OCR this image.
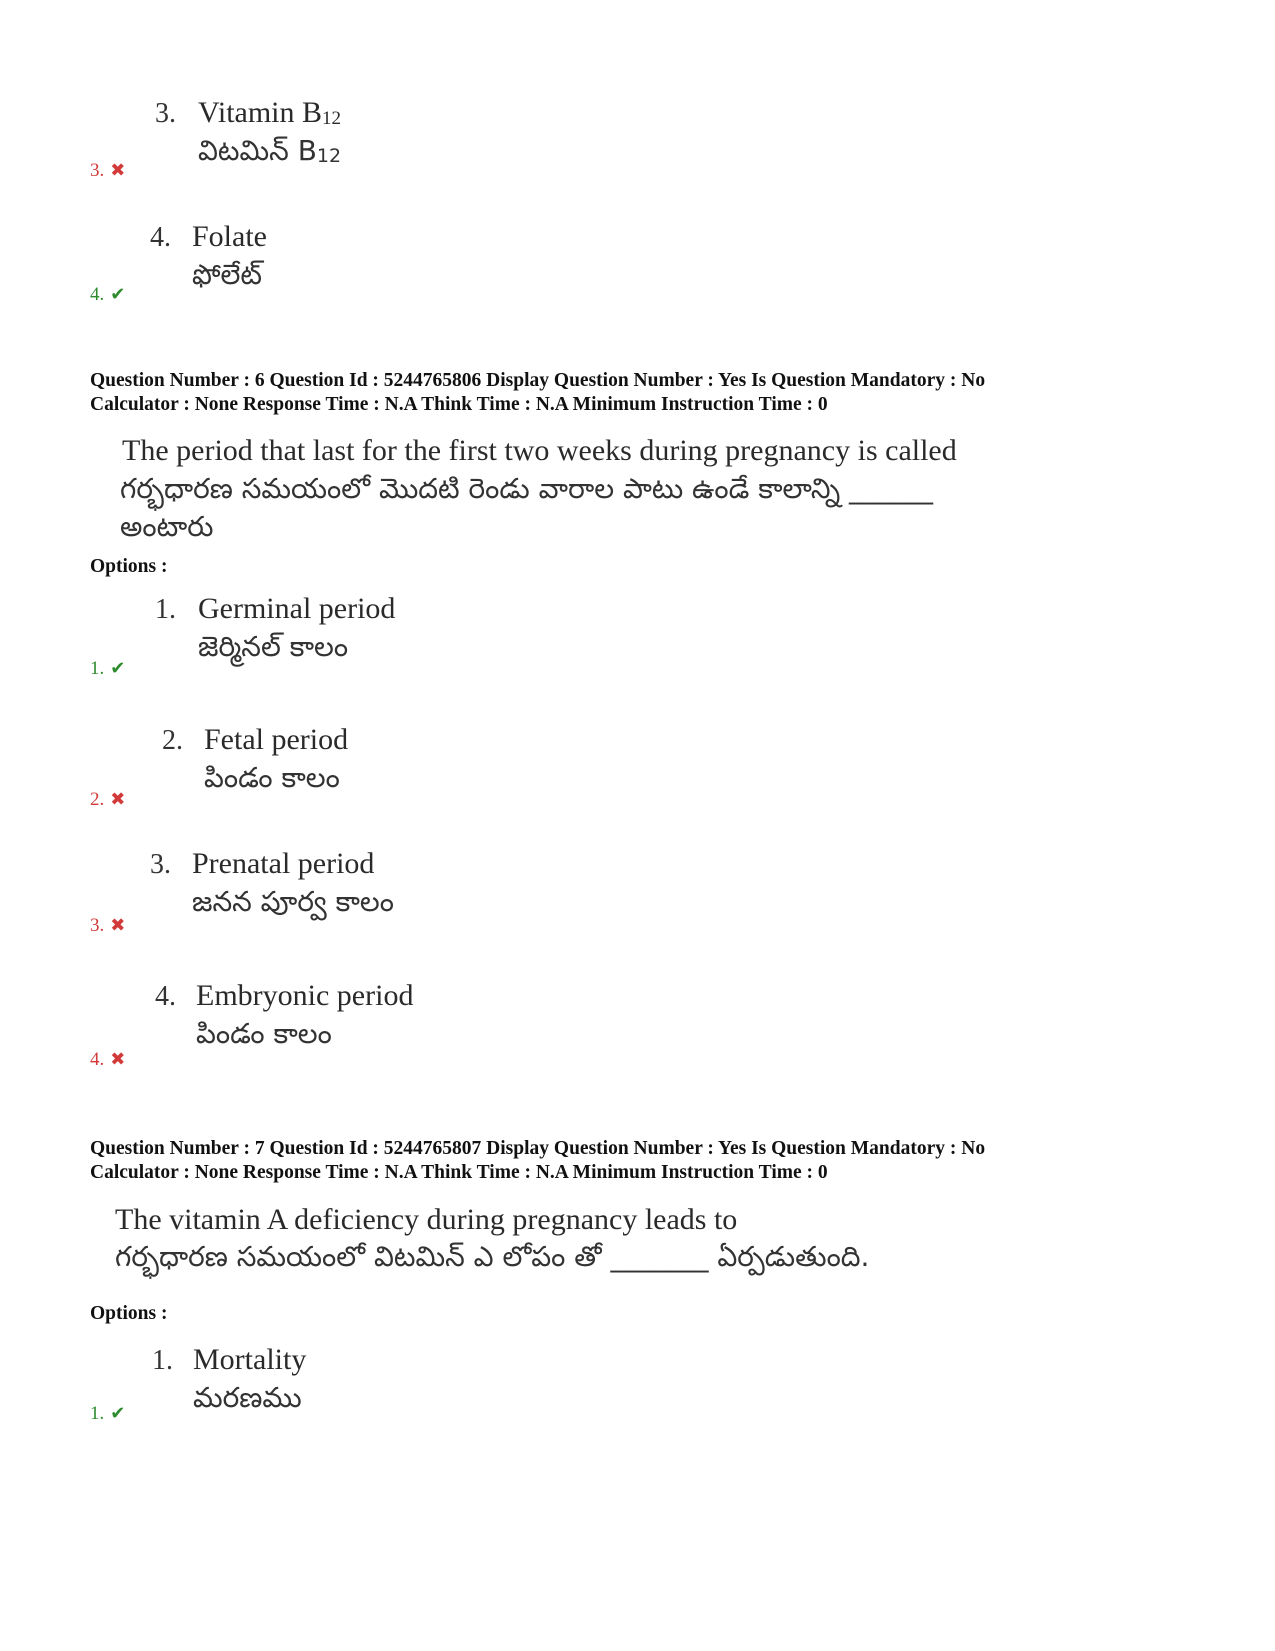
3. Vitamin $B_{12}$
విటమిన్ $B_{12}$
3. ✖
4. Folate
ఫోలేట్
4. ✔
Question Number : 6 Question Id : 5244765806 Display Question Number : Yes Is Question Mandatory : No
Calculator : None Response Time : N.A Think Time : N.A Minimum Instruction Time : 0
The period that last for the first two weeks during pregnancy is called
గర్భధారణ సమయంలో మొదటి రెండు వారాల పాటు ఉండే కాలాన్ని ______
అంటారు
Options :
1. Germinal period
జెర్మినల్ కాలం
1. ✔
2. Fetal period
పిండం కాలం
2. ✖
3. Prenatal period
జనన పూర్వ కాలం
3. ✖
4. Embryonic period
పిండం కాలం
4. ✖
Question Number : 7 Question Id : 5244765807 Display Question Number : Yes Is Question Mandatory : No
Calculator : None Response Time : N.A Think Time : N.A Minimum Instruction Time : 0
The vitamin A deficiency during pregnancy leads to
గర్భధారణ సమయంలో విటమిన్ ఎ లోపం తో _______ ఏర్పడుతుంది.
Options :
1. Mortality
మరణము
1. ✔
